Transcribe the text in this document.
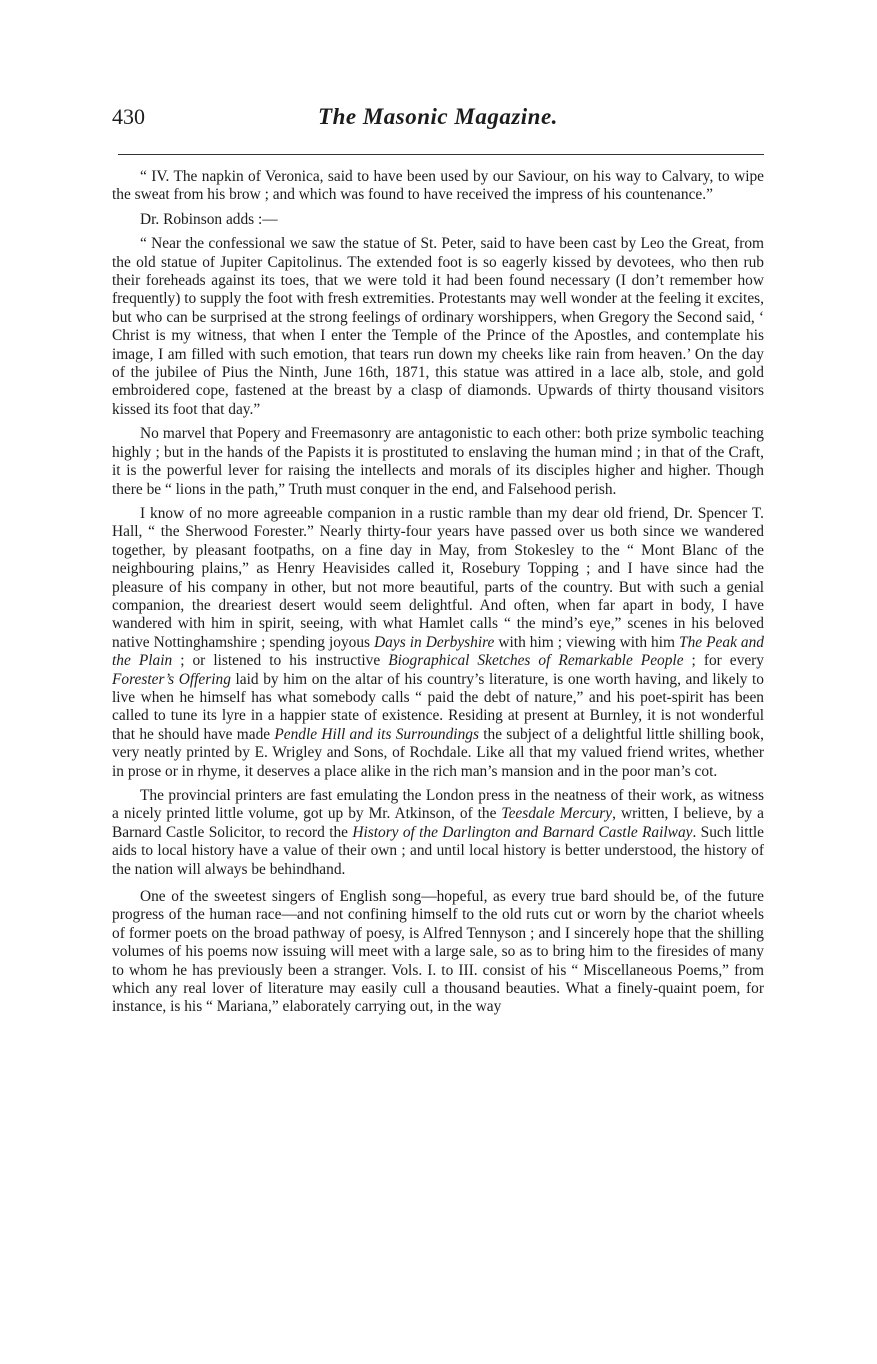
430	The Masonic Magazine.

“ IV. The napkin of Veronica, said to have been used by our Saviour, on his way to Calvary, to wipe the sweat from his brow ; and which was found to have received the impress of his countenance.”

Dr. Robinson adds :—

“ Near the confessional we saw the statue of St. Peter, said to have been cast by Leo the Great, from the old statue of Jupiter Capitolinus. The extended foot is so eagerly kissed by devotees, who then rub their foreheads against its toes, that we were told it had been found necessary (I don’t remember how frequently) to supply the foot with fresh extremities. Protestants may well wonder at the feeling it excites, but who can be surprised at the strong feelings of ordinary worshippers, when Gregory the Second said, ‘ Christ is my witness, that when I enter the Temple of the Prince of the Apostles, and contemplate his image, I am filled with such emotion, that tears run down my cheeks like rain from heaven.’ On the day of the jubilee of Pius the Ninth, June 16th, 1871, this statue was attired in a lace alb, stole, and gold embroidered cope, fastened at the breast by a clasp of diamonds. Upwards of thirty thousand visitors kissed its foot that day.”

No marvel that Popery and Freemasonry are antagonistic to each other: both prize symbolic teaching highly ; but in the hands of the Papists it is prostituted to enslaving the human mind ; in that of the Craft, it is the powerful lever for raising the intellects and morals of its disciples higher and higher. Though there be “ lions in the path,” Truth must conquer in the end, and Falsehood perish.

I know of no more agreeable companion in a rustic ramble than my dear old friend, Dr. Spencer T. Hall, “ the Sherwood Forester.” Nearly thirty-four years have passed over us both since we wandered together, by pleasant footpaths, on a fine day in May, from Stokesley to the “ Mont Blanc of the neighbouring plains,” as Henry Heavisides called it, Rosebury Topping ; and I have since had the pleasure of his company in other, but not more beautiful, parts of the country. But with such a genial companion, the dreariest desert would seem delightful. And often, when far apart in body, I have wandered with him in spirit, seeing, with what Hamlet calls “ the mind’s eye,” scenes in his beloved native Nottinghamshire ; spending joyous Days in Derbyshire with him ; viewing with him The Peak and the Plain ; or listened to his instructive Biographical Sketches of Remarkable People ; for every Forester’s Offering laid by him on the altar of his country’s literature, is one worth having, and likely to live when he himself has what somebody calls “ paid the debt of nature,” and his poet-spirit has been called to tune its lyre in a happier state of existence. Residing at present at Burnley, it is not wonderful that he should have made Pendle Hill and its Surroundings the subject of a delightful little shilling book, very neatly printed by E. Wrigley and Sons, of Rochdale. Like all that my valued friend writes, whether in prose or in rhyme, it deserves a place alike in the rich man’s mansion and in the poor man’s cot.

The provincial printers are fast emulating the London press in the neatness of their work, as witness a nicely printed little volume, got up by Mr. Atkinson, of the Teesdale Mercury, written, I believe, by a Barnard Castle Solicitor, to record the History of the Darlington and Barnard Castle Railway. Such little aids to local history have a value of their own ; and until local history is better understood, the history of the nation will always be behindhand.

One of the sweetest singers of English song—hopeful, as every true bard should be, of the future progress of the human race—and not confining himself to the old ruts cut or worn by the chariot wheels of former poets on the broad pathway of poesy, is Alfred Tennyson ; and I sincerely hope that the shilling volumes of his poems now issuing will meet with a large sale, so as to bring him to the firesides of many to whom he has previously been a stranger. Vols. I. to III. consist of his “ Miscellaneous Poems,” from which any real lover of literature may easily cull a thousand beauties. What a finely-quaint poem, for instance, is his “ Mariana,” elaborately carrying out, in the way
